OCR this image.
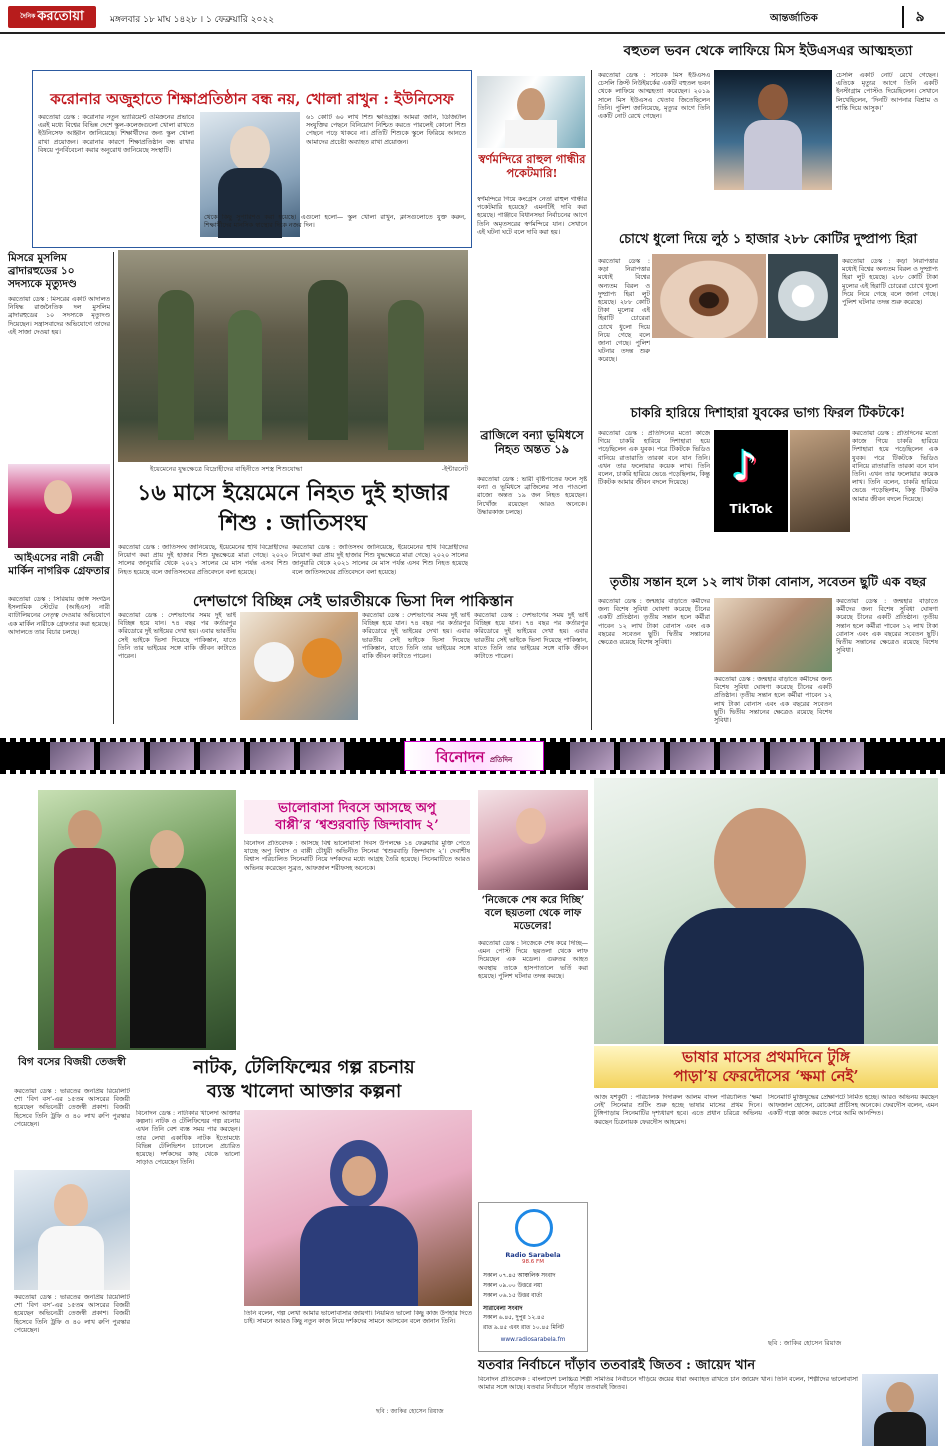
$^{দৈনিক}$ করতোয়া	মঙ্গলবার ১৮ মাঘ ১৪২৮ । ১ ফেব্রুয়ারি ২০২২	আন্তর্জাতিক	৯
করোনার অজুহাতে শিক্ষাপ্রতিষ্ঠান বন্ধ নয়, খোলা রাখুন : ইউনিসেফ
করতোয়া ডেস্ক : করোনার নতুন ভ্যারিয়েন্ট ওমিক্রনের প্রভাবে এরই মধ্যে বিশ্বের বিভিন্ন দেশে স্কুল-কলেজগুলো খোলা রাখতে ইউনিসেফ আহ্বান জানিয়েছে। শিক্ষার্থীদের জন্য স্কুল খোলা রাখা প্রয়োজন। করোনার কারণে শিক্ষাপ্রতিষ্ঠান বন্ধ রাখার বিষয়ে পুনর্বিবেচনা করার অনুরোধ জানিয়েছে সংস্থাটি।
৬১ কোটি ৬০ লাখ শিশু ক্ষতিগ্রস্ত। আমরা জানি, ডিজিটাল সংযুক্তির পেছনে বিনিয়োগ নিশ্চিত করতে পারলেই কোনো শিশু পেছনে পড়ে থাকবে না। প্রতিটি শিশুকে স্কুলে ফিরিয়ে আনতে আমাদের প্রচেষ্টা অব্যাহত রাখা প্রয়োজন।
থেকে কিছু সুপারিশও করা হয়েছে। এগুলো হলো— স্কুল খোলা রাখুন, ক্লাসগুলোতে যুক্ত করুন, শিক্ষার্থীদের মানসিক স্বাস্থ্যের দিকে নজর দিন।
স্বর্ণমন্দিরে রাহুল গান্ধীর পকেটমারি!
স্বর্ণমন্দিরে গিয়ে কংগ্রেস নেতা রাহুল গান্ধীর পকেটমারি হয়েছে? এমনটিই দাবি করা হয়েছে। পাঞ্জাবে বিধানসভা নির্বাচনের আগে তিনি অমৃতসরের স্বর্ণমন্দিরে যান। সেখানে এই ঘটনা ঘটে বলে দাবি করা হয়।
বহুতল ভবন থেকে লাফিয়ে মিস ইউএসএর আত্মহত্যা
করতোয়া ডেস্ক : সাবেক মিস ইউএসএ চেসলি ক্রিস্ট নিউইয়র্কের একটি বহুতল ভবন থেকে লাফিয়ে আত্মহত্যা করেছেন। ২০১৯ সালে মিস ইউএসএ খেতাব জিতেছিলেন তিনি। পুলিশ জানিয়েছে, মৃত্যুর আগে তিনি একটি নোট রেখে গেছেন।
চেসলি একটি নোট রেখে গেছেন। এতিকে মৃত্যুর আগে তিনি একটি ইনস্টাগ্রাম পোস্টও দিয়েছিলেন। সেখানে লিখেছিলেন, ‘দিনটি আপনার বিশ্রাম ও শান্তি দিয়ে আসুক।’
চোখে ধুলো দিয়ে লুঠ ১ হাজার ২৮৮ কোটির দুষ্প্রাপ্য হিরা
করতোয়া ডেস্ক : কড়া নিরাপত্তার মধ্যেই বিশ্বের অন্যতম বিরল ও দুষ্প্রাপ্য হিরা লুট হয়েছে। ২৮৮ কোটি টাকা মূল্যের এই হিরাটি চোরেরা চোখে ধুলো দিয়ে নিয়ে গেছে বলে জানা গেছে। পুলিশ ঘটনার তদন্ত শুরু করেছে।
করতোয়া ডেস্ক : কড়া নিরাপত্তার মধ্যেই বিশ্বের অন্যতম বিরল ও দুষ্প্রাপ্য হিরা লুট হয়েছে। ২৮৮ কোটি টাকা মূল্যের এই হিরাটি চোরেরা চোখে ধুলো দিয়ে নিয়ে গেছে বলে জানা গেছে। পুলিশ ঘটনার তদন্ত শুরু করেছে।
চাকরি হারিয়ে দিশাহারা যুবকের ভাগ্য ফিরল টিকটকে!
করতোয়া ডেস্ক : প্রতিদিনের মতো কাজে গিয়ে চাকরি হারিয়ে দিশাহারা হয়ে পড়েছিলেন এক যুবক। পরে টিকটকে ভিডিও বানিয়ে রাতারাতি তারকা বনে যান তিনি। এখন তার ফলোয়ার কয়েক লাখ। তিনি বলেন, চাকরি হারিয়ে ভেঙে পড়েছিলাম, কিন্তু টিকটক আমার জীবন বদলে দিয়েছে।	♪
TikTok
করতোয়া ডেস্ক : প্রতিদিনের মতো কাজে গিয়ে চাকরি হারিয়ে দিশাহারা হয়ে পড়েছিলেন এক যুবক। পরে টিকটকে ভিডিও বানিয়ে রাতারাতি তারকা বনে যান তিনি। এখন তার ফলোয়ার কয়েক লাখ। তিনি বলেন, চাকরি হারিয়ে ভেঙে পড়েছিলাম, কিন্তু টিকটক আমার জীবন বদলে দিয়েছে।
তৃতীয় সন্তান হলে ১২ লাখ টাকা বোনাস, সবেতন ছুটি এক বছর
করতোয়া ডেস্ক : জন্মহার বাড়াতে কর্মীদের জন্য বিশেষ সুবিধা ঘোষণা করেছে চীনের একটি প্রতিষ্ঠান। তৃতীয় সন্তান হলে কর্মীরা পাবেন ১২ লাখ টাকা বোনাস এবং এক বছরের সবেতন ছুটি। দ্বিতীয় সন্তানের ক্ষেত্রেও রয়েছে বিশেষ সুবিধা।
করতোয়া ডেস্ক : জন্মহার বাড়াতে কর্মীদের জন্য বিশেষ সুবিধা ঘোষণা করেছে চীনের একটি প্রতিষ্ঠান। তৃতীয় সন্তান হলে কর্মীরা পাবেন ১২ লাখ টাকা বোনাস এবং এক বছরের সবেতন ছুটি। দ্বিতীয় সন্তানের ক্ষেত্রেও রয়েছে বিশেষ সুবিধা।
করতোয়া ডেস্ক : জন্মহার বাড়াতে কর্মীদের জন্য বিশেষ সুবিধা ঘোষণা করেছে চীনের একটি প্রতিষ্ঠান। তৃতীয় সন্তান হলে কর্মীরা পাবেন ১২ লাখ টাকা বোনাস এবং এক বছরের সবেতন ছুটি। দ্বিতীয় সন্তানের ক্ষেত্রেও রয়েছে বিশেষ সুবিধা।
মিসরে মুসলিম ব্রাদারহুডের ১০ সদস্যকে মৃত্যুদণ্ড
করতোয়া ডেস্ক : মিসরের একটি আদালত নিষিদ্ধ রাজনৈতিক দল মুসলিম ব্রাদারহুডের ১০ সদস্যকে মৃত্যুদণ্ড দিয়েছেন। সন্ত্রাসবাদের অভিযোগে তাদের এই সাজা দেওয়া হয়।
আইএসের নারী নেত্রী মার্কিন নাগরিক গ্রেফতার
করতোয়া ডেস্ক : সিরিয়ায় জঙ্গি সংগঠন ইসলামিক স্টেটের (আইএস) নারী ব্যাটালিয়নের নেতৃত্ব দেওয়ার অভিযোগে এক মার্কিন নারীকে গ্রেফতার করা হয়েছে। আদালতে তার বিচার চলছে।
ইয়েমেনের যুদ্ধক্ষেত্রে বিদ্রোহীদের বাহিনীতে সশস্ত্র শিশুযোদ্ধা	-ইন্টারনেট
১৬ মাসে ইয়েমেনে নিহত দুই হাজার শিশু : জাতিসংঘ
করতোয়া ডেস্ক : জাতিসংঘ জানিয়েছে, ইয়েমেনের হুথি বিদ্রোহীদের নিয়োগ করা প্রায় দুই হাজার শিশু যুদ্ধক্ষেত্রে মারা গেছে। ২০২০ সালের জানুয়ারি থেকে ২০২১ সালের মে মাস পর্যন্ত এসব শিশু নিহত হয়েছে বলে জাতিসংঘের প্রতিবেদনে বলা হয়েছে।
করতোয়া ডেস্ক : জাতিসংঘ জানিয়েছে, ইয়েমেনের হুথি বিদ্রোহীদের নিয়োগ করা প্রায় দুই হাজার শিশু যুদ্ধক্ষেত্রে মারা গেছে। ২০২০ সালের জানুয়ারি থেকে ২০২১ সালের মে মাস পর্যন্ত এসব শিশু নিহত হয়েছে বলে জাতিসংঘের প্রতিবেদনে বলা হয়েছে।
ব্রাজিলে বন্যা ভূমিধসে নিহত অন্তত ১৯
করতোয়া ডেস্ক : ভারী বৃষ্টিপাতের ফলে সৃষ্ট বন্যা ও ভূমিধসে ব্রাজিলের সাও পাওলো রাজ্যে অন্তত ১৯ জন নিহত হয়েছেন। নিখোঁজ রয়েছেন আরও অনেকে। উদ্ধারকাজ চলছে।
দেশভাগে বিচ্ছিন্ন সেই ভারতীয়কে ভিসা দিল পাকিস্তান
করতোয়া ডেস্ক : দেশভাগের সময় দুই ভাই বিচ্ছিন্ন হয়ে যান। ৭৪ বছর পর কর্তারপুর করিডোরে দুই ভাইয়ের দেখা হয়। এবার ভারতীয় সেই ভাইকে ভিসা দিয়েছে পাকিস্তান, যাতে তিনি তার ভাইয়ের সঙ্গে বাকি জীবন কাটাতে পারেন।
করতোয়া ডেস্ক : দেশভাগের সময় দুই ভাই বিচ্ছিন্ন হয়ে যান। ৭৪ বছর পর কর্তারপুর করিডোরে দুই ভাইয়ের দেখা হয়। এবার ভারতীয় সেই ভাইকে ভিসা দিয়েছে পাকিস্তান, যাতে তিনি তার ভাইয়ের সঙ্গে বাকি জীবন কাটাতে পারেন।
করতোয়া ডেস্ক : দেশভাগের সময় দুই ভাই বিচ্ছিন্ন হয়ে যান। ৭৪ বছর পর কর্তারপুর করিডোরে দুই ভাইয়ের দেখা হয়। এবার ভারতীয় সেই ভাইকে ভিসা দিয়েছে পাকিস্তান, যাতে তিনি তার ভাইয়ের সঙ্গে বাকি জীবন কাটাতে পারেন।
বিনোদন প্রতিদিন
ভালোবাসা দিবসে আসছে অপু
বাপ্পী’র ‘শ্বশুরবাড়ি জিন্দাবাদ ২’
বিনোদন প্রতিবেদক : আসছে বিশ্ব ভালোবাসা দিবস উপলক্ষে ১৪ ফেব্রুয়ারি মুক্তি পেতে যাচ্ছে অপু বিশ্বাস ও বাপ্পী চৌধুরী অভিনীত সিনেমা ‘শ্বশুরবাড়ি জিন্দাবাদ ২’। দেবাশীষ বিশ্বাস পরিচালিত সিনেমাটি নিয়ে দর্শকদের মধ্যে আগ্রহ তৈরি হয়েছে। সিনেমাটিতে আরও অভিনয় করেছেন সুব্রত, আফজাল শরীফসহ অনেকে।
‘নিজেকে শেষ করে দিচ্ছি’ বলে ছয়তলা থেকে লাফ মডেলের!
করতোয়া ডেস্ক : নিজেকে শেষ করে দিচ্ছি—এমন পোস্ট দিয়ে ছয়তলা থেকে লাফ দিয়েছেন এক মডেল। গুরুতর আহত অবস্থায় তাকে হাসপাতালে ভর্তি করা হয়েছে। পুলিশ ঘটনার তদন্ত করছে।
ভাষার মাসের প্রথমদিনে টুঙ্গি
পাড়া’য় ফেরদৌসের ‘ক্ষমা নেই’
আজ যশকুটী : পরিচালক দিদারুল আলম বাদল পরিচালিত ‘ক্ষমা নেই’ সিনেমার শুটিং শুরু হচ্ছে ভাষার মাসের প্রথম দিনে। টুঙ্গিপাড়ায় সিনেমাটির দৃশ্যধারণ হবে। এতে প্রধান চরিত্রে অভিনয় করছেন চিত্রনায়ক ফেরদৌস আহমেদ।
সিনেমাটি মুক্তিযুদ্ধের প্রেক্ষাপটে নির্মিত হচ্ছে। আরও অভিনয় করছেন আফজাল হোসেন, রোকেয়া প্রাচীসহ অনেকে। ফেরদৌস বলেন, এমন একটি গল্পে কাজ করতে পেরে আমি আনন্দিত।
ছবি : জাকির হোসেন রিয়াজ
বিগ বসের বিজয়ী তেজস্বী
করতোয়া ডেস্ক : ভারতের জনপ্রিয় রিয়েলিটি শো ‘বিগ বস’-এর ১৫তম আসরের বিজয়ী হয়েছেন অভিনেত্রী তেজস্বী প্রকাশ। বিজয়ী হিসেবে তিনি ট্রফি ও ৪০ লাখ রুপি পুরস্কার পেয়েছেন।
করতোয়া ডেস্ক : ভারতের জনপ্রিয় রিয়েলিটি শো ‘বিগ বস’-এর ১৫তম আসরের বিজয়ী হয়েছেন অভিনেত্রী তেজস্বী প্রকাশ। বিজয়ী হিসেবে তিনি ট্রফি ও ৪০ লাখ রুপি পুরস্কার পেয়েছেন।
নাটক, টেলিফিল্মের গল্প রচনায়
ব্যস্ত খালেদা আক্তার কল্পনা
বিনোদন ডেস্ক : নাট্যকার খালেদা আক্তার কল্পনা। নাটক ও টেলিফিল্মের গল্প রচনায় এখন তিনি বেশ ব্যস্ত সময় পার করছেন। তার লেখা একাধিক নাটক ইতোমধ্যে বিভিন্ন টেলিভিশন চ্যানেলে প্রচারিত হয়েছে। দর্শকদের কাছ থেকে ভালো সাড়াও পেয়েছেন তিনি।
তিনি বলেন, গল্প লেখা আমার ভালোবাসার জায়গা। নিয়মিত ভালো কিছু কাজ উপহার দিতে চাই। সামনে আরও কিছু নতুন কাজ নিয়ে দর্শকদের সামনে আসবেন বলে জানান তিনি।
ছবি : জাকির হোসেন রিয়াজ
Radio Sarabela
98.6 FM
সকাল ০৭.৪৫ আঞ্চলিক সংবাদ
সকাল ০৯.০০ উত্তরে নয়া
সকাল ০৬.১৫ উত্তর বার্তা
সারাবেলা সংবাদ
সকাল ৬.৪৫, দুপুর ১২.৪৫
রাত ৯.৪৫ এবং রাত ১০.৪৫ মিনিট
www.radiosarabela.fm
যতবার নির্বাচনে দাঁড়াব ততবারই জিতব : জায়েদ খান
বিনোদন প্রতিবেদক : বাংলাদেশ চলচ্চিত্র শিল্পী সমিতির নির্বাচনে দাঁড়িয়ে জয়ের ধারা অব্যাহত রাখতে চান জায়েদ খান। তিনি বলেন, শিল্পীদের ভালোবাসা আমার সঙ্গে আছে। যতবার নির্বাচনে দাঁড়াব ততবারই জিতব।
